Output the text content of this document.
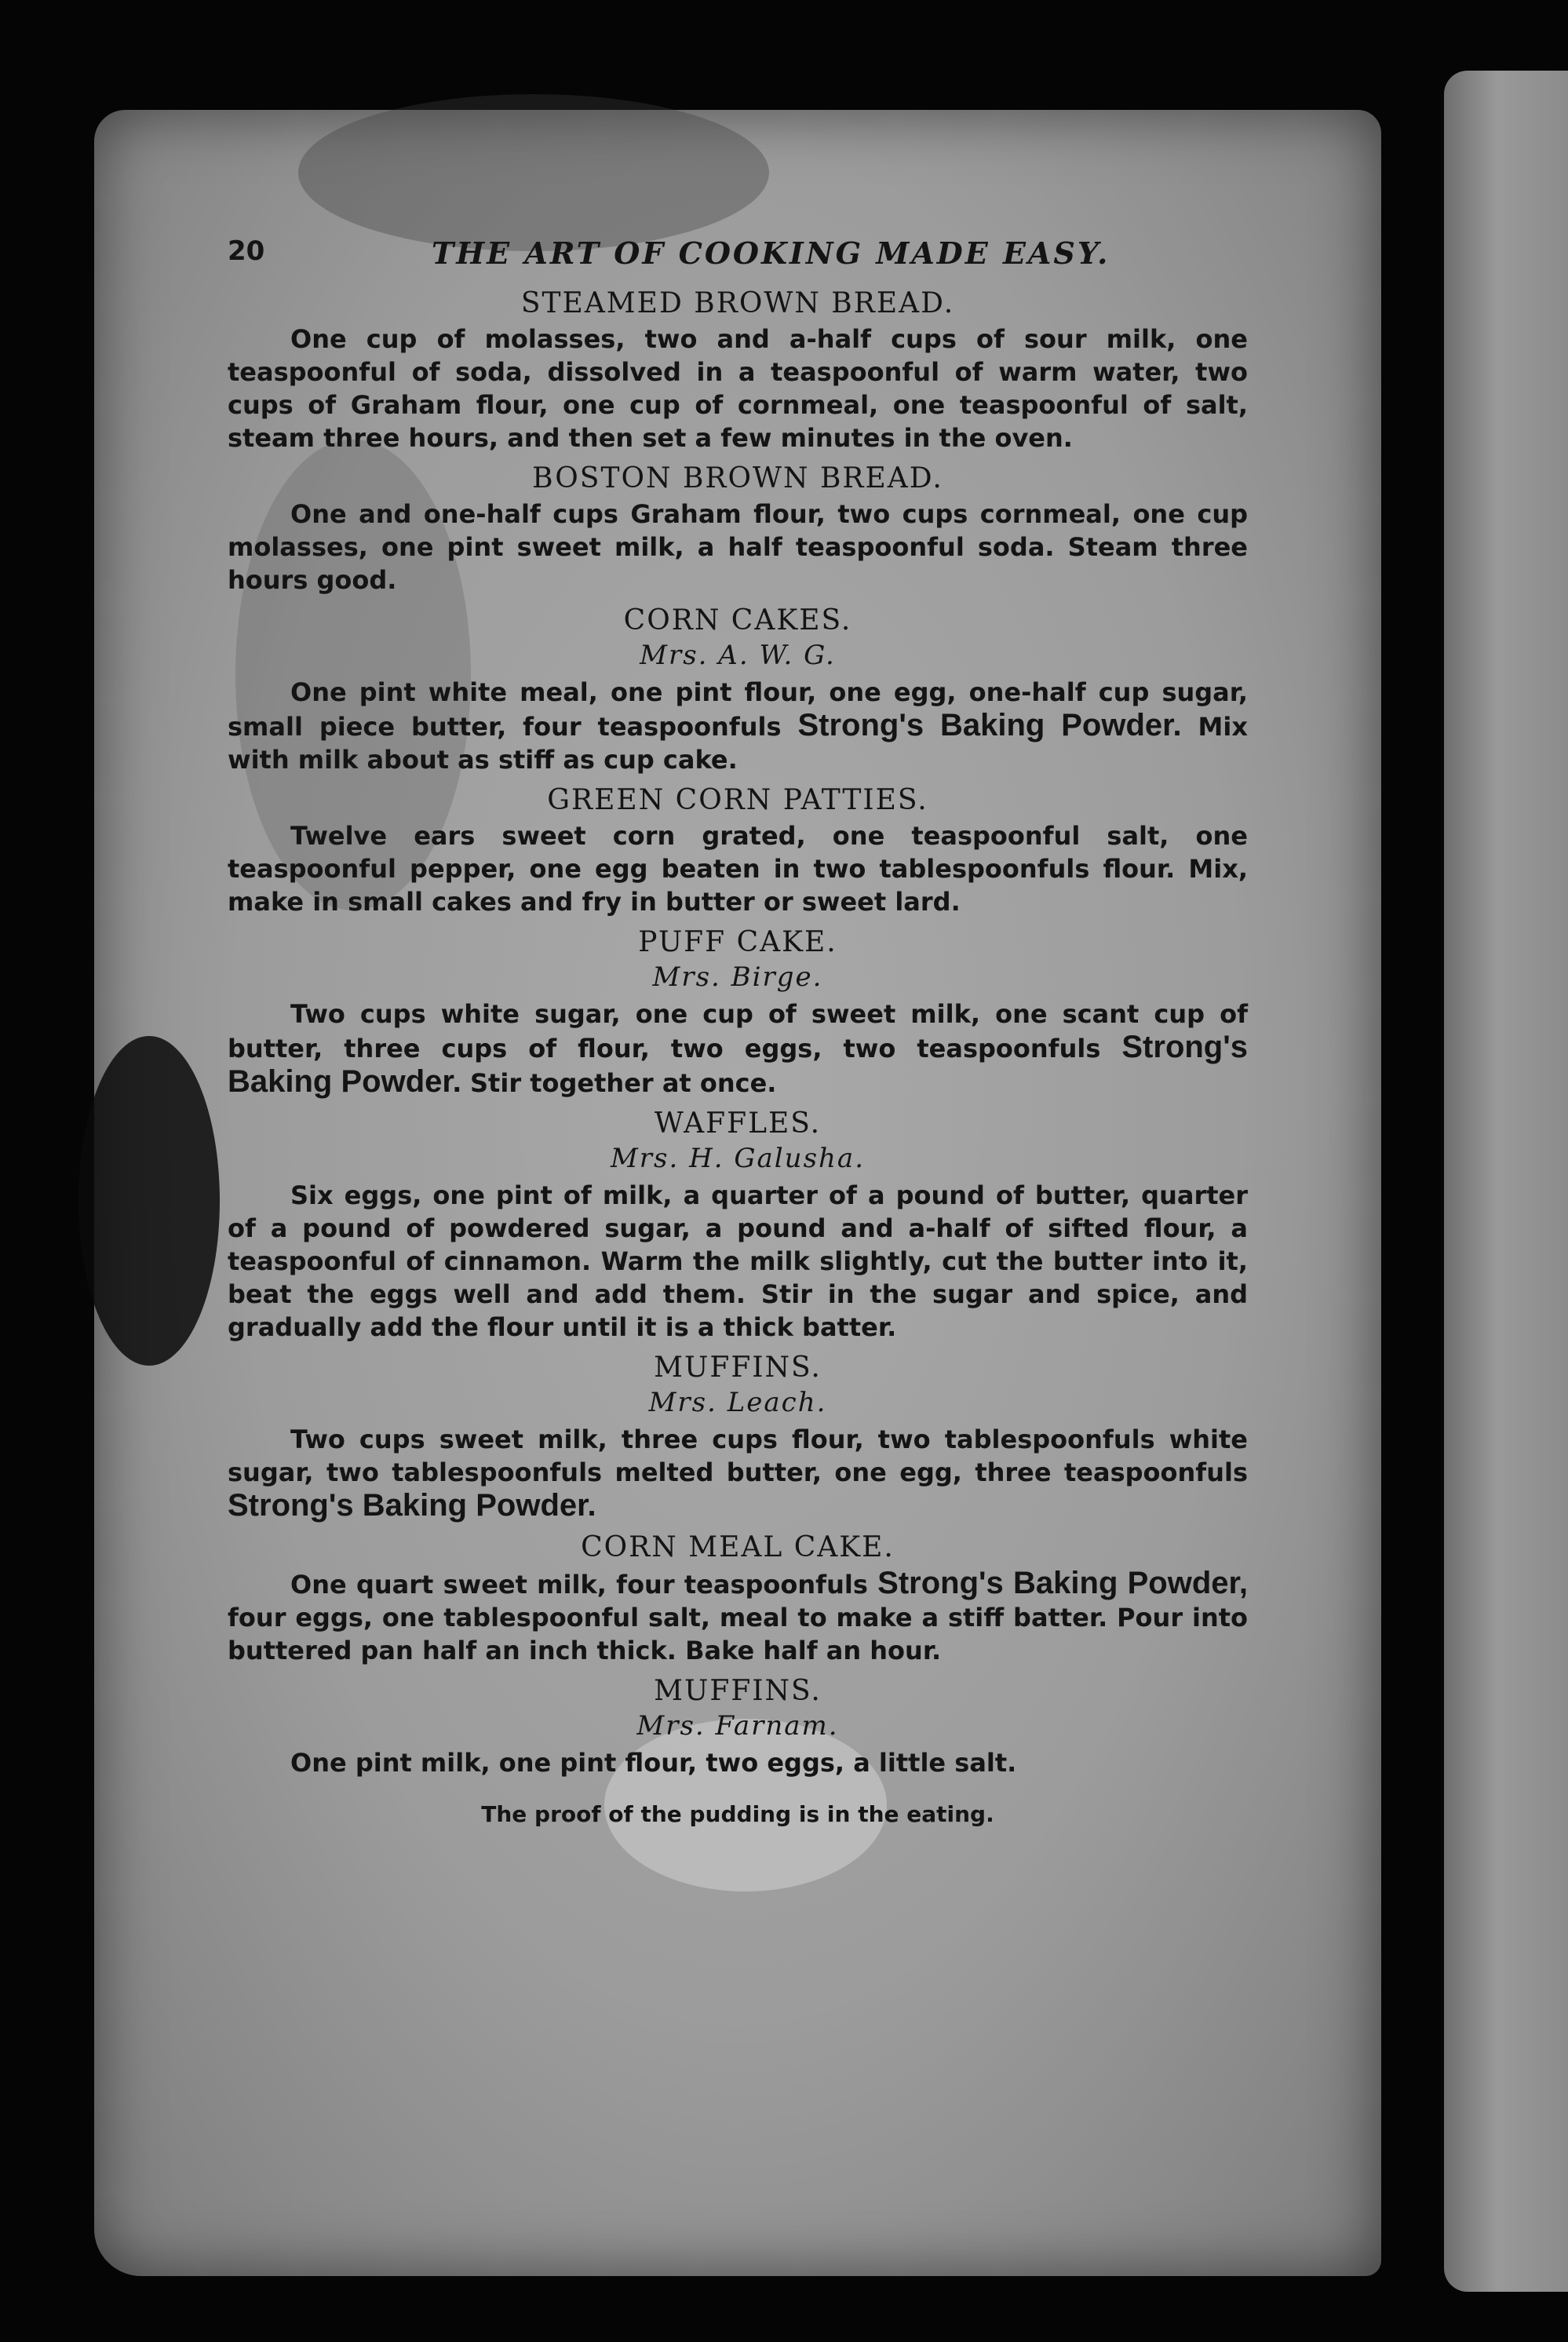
20	THE ART OF COOKING MADE EASY.
STEAMED BROWN BREAD.
One cup of molasses, two and a-half cups of sour milk, one teaspoonful of soda, dissolved in a teaspoonful of warm water, two cups of Graham flour, one cup of cornmeal, one teaspoonful of salt, steam three hours, and then set a few minutes in the oven.
BOSTON BROWN BREAD.
One and one-half cups Graham flour, two cups cornmeal, one cup molasses, one pint sweet milk, a half teaspoonful soda. Steam three hours good.
CORN CAKES.
Mrs. A. W. G.
One pint white meal, one pint flour, one egg, one-half cup sugar, small piece butter, four teaspoonfuls Strong's Baking Powder. Mix with milk about as stiff as cup cake.
GREEN CORN PATTIES.
Twelve ears sweet corn grated, one teaspoonful salt, one teaspoonful pepper, one egg beaten in two tablespoonfuls flour. Mix, make in small cakes and fry in butter or sweet lard.
PUFF CAKE.
Mrs. Birge.
Two cups white sugar, one cup of sweet milk, one scant cup of butter, three cups of flour, two eggs, two teaspoonfuls Strong's Baking Powder. Stir together at once.
WAFFLES.
Mrs. H. Galusha.
Six eggs, one pint of milk, a quarter of a pound of butter, quarter of a pound of powdered sugar, a pound and a-half of sifted flour, a teaspoonful of cinnamon. Warm the milk slightly, cut the butter into it, beat the eggs well and add them. Stir in the sugar and spice, and gradually add the flour until it is a thick batter.
MUFFINS.
Mrs. Leach.
Two cups sweet milk, three cups flour, two tablespoonfuls white sugar, two tablespoonfuls melted butter, one egg, three teaspoonfuls Strong's Baking Powder.
CORN MEAL CAKE.
One quart sweet milk, four teaspoonfuls Strong's Baking Powder, four eggs, one tablespoonful salt, meal to make a stiff batter. Pour into buttered pan half an inch thick. Bake half an hour.
MUFFINS.
Mrs. Farnam.
One pint milk, one pint flour, two eggs, a little salt.
The proof of the pudding is in the eating.
